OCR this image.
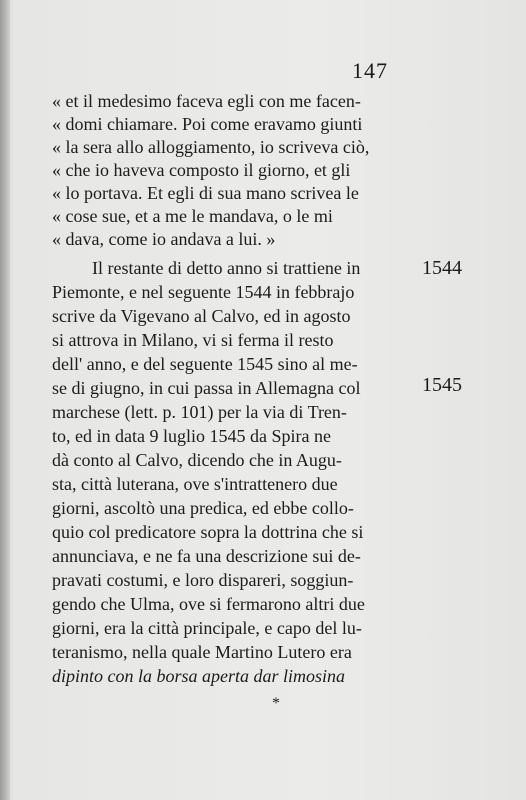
147
« et il medesimo faceva egli con me facen-
« domi chiamare. Poi come eravamo giunti
« la sera allo alloggiamento, io scriveva ciò,
« che io haveva composto il giorno, et gli
« lo portava. Et egli di sua mano scrivea le
« cose sue, et a me le mandava, o le mi
« dava, come io andava a lui. »
Il restante di detto anno si trattiene in
Piemonte, e nel seguente 1544 in febbrajo
scrive da Vigevano al Calvo, ed in agosto
si attrova in Milano, vi si ferma il resto
dell' anno, e del seguente 1545 sino al me-
se di giugno, in cui passa in Allemagna col
marchese (lett. p. 101) per la via di Tren-
to, ed in data 9 luglio 1545 da Spira ne
dà conto al Calvo, dicendo che in Augu-
sta, città luterana, ove s'intrattenero due
giorni, ascoltò una predica, ed ebbe collo-
quio col predicatore sopra la dottrina che si
annunciava, e ne fa una descrizione sui de-
pravati costumi, e loro dispareri, soggiun-
gendo che Ulma, ove si fermarono altri due
giorni, era la città principale, e capo del lu-
teranismo, nella quale Martino Lutero era
dipinto con la borsa aperta dar limosina
1544
1545
*
